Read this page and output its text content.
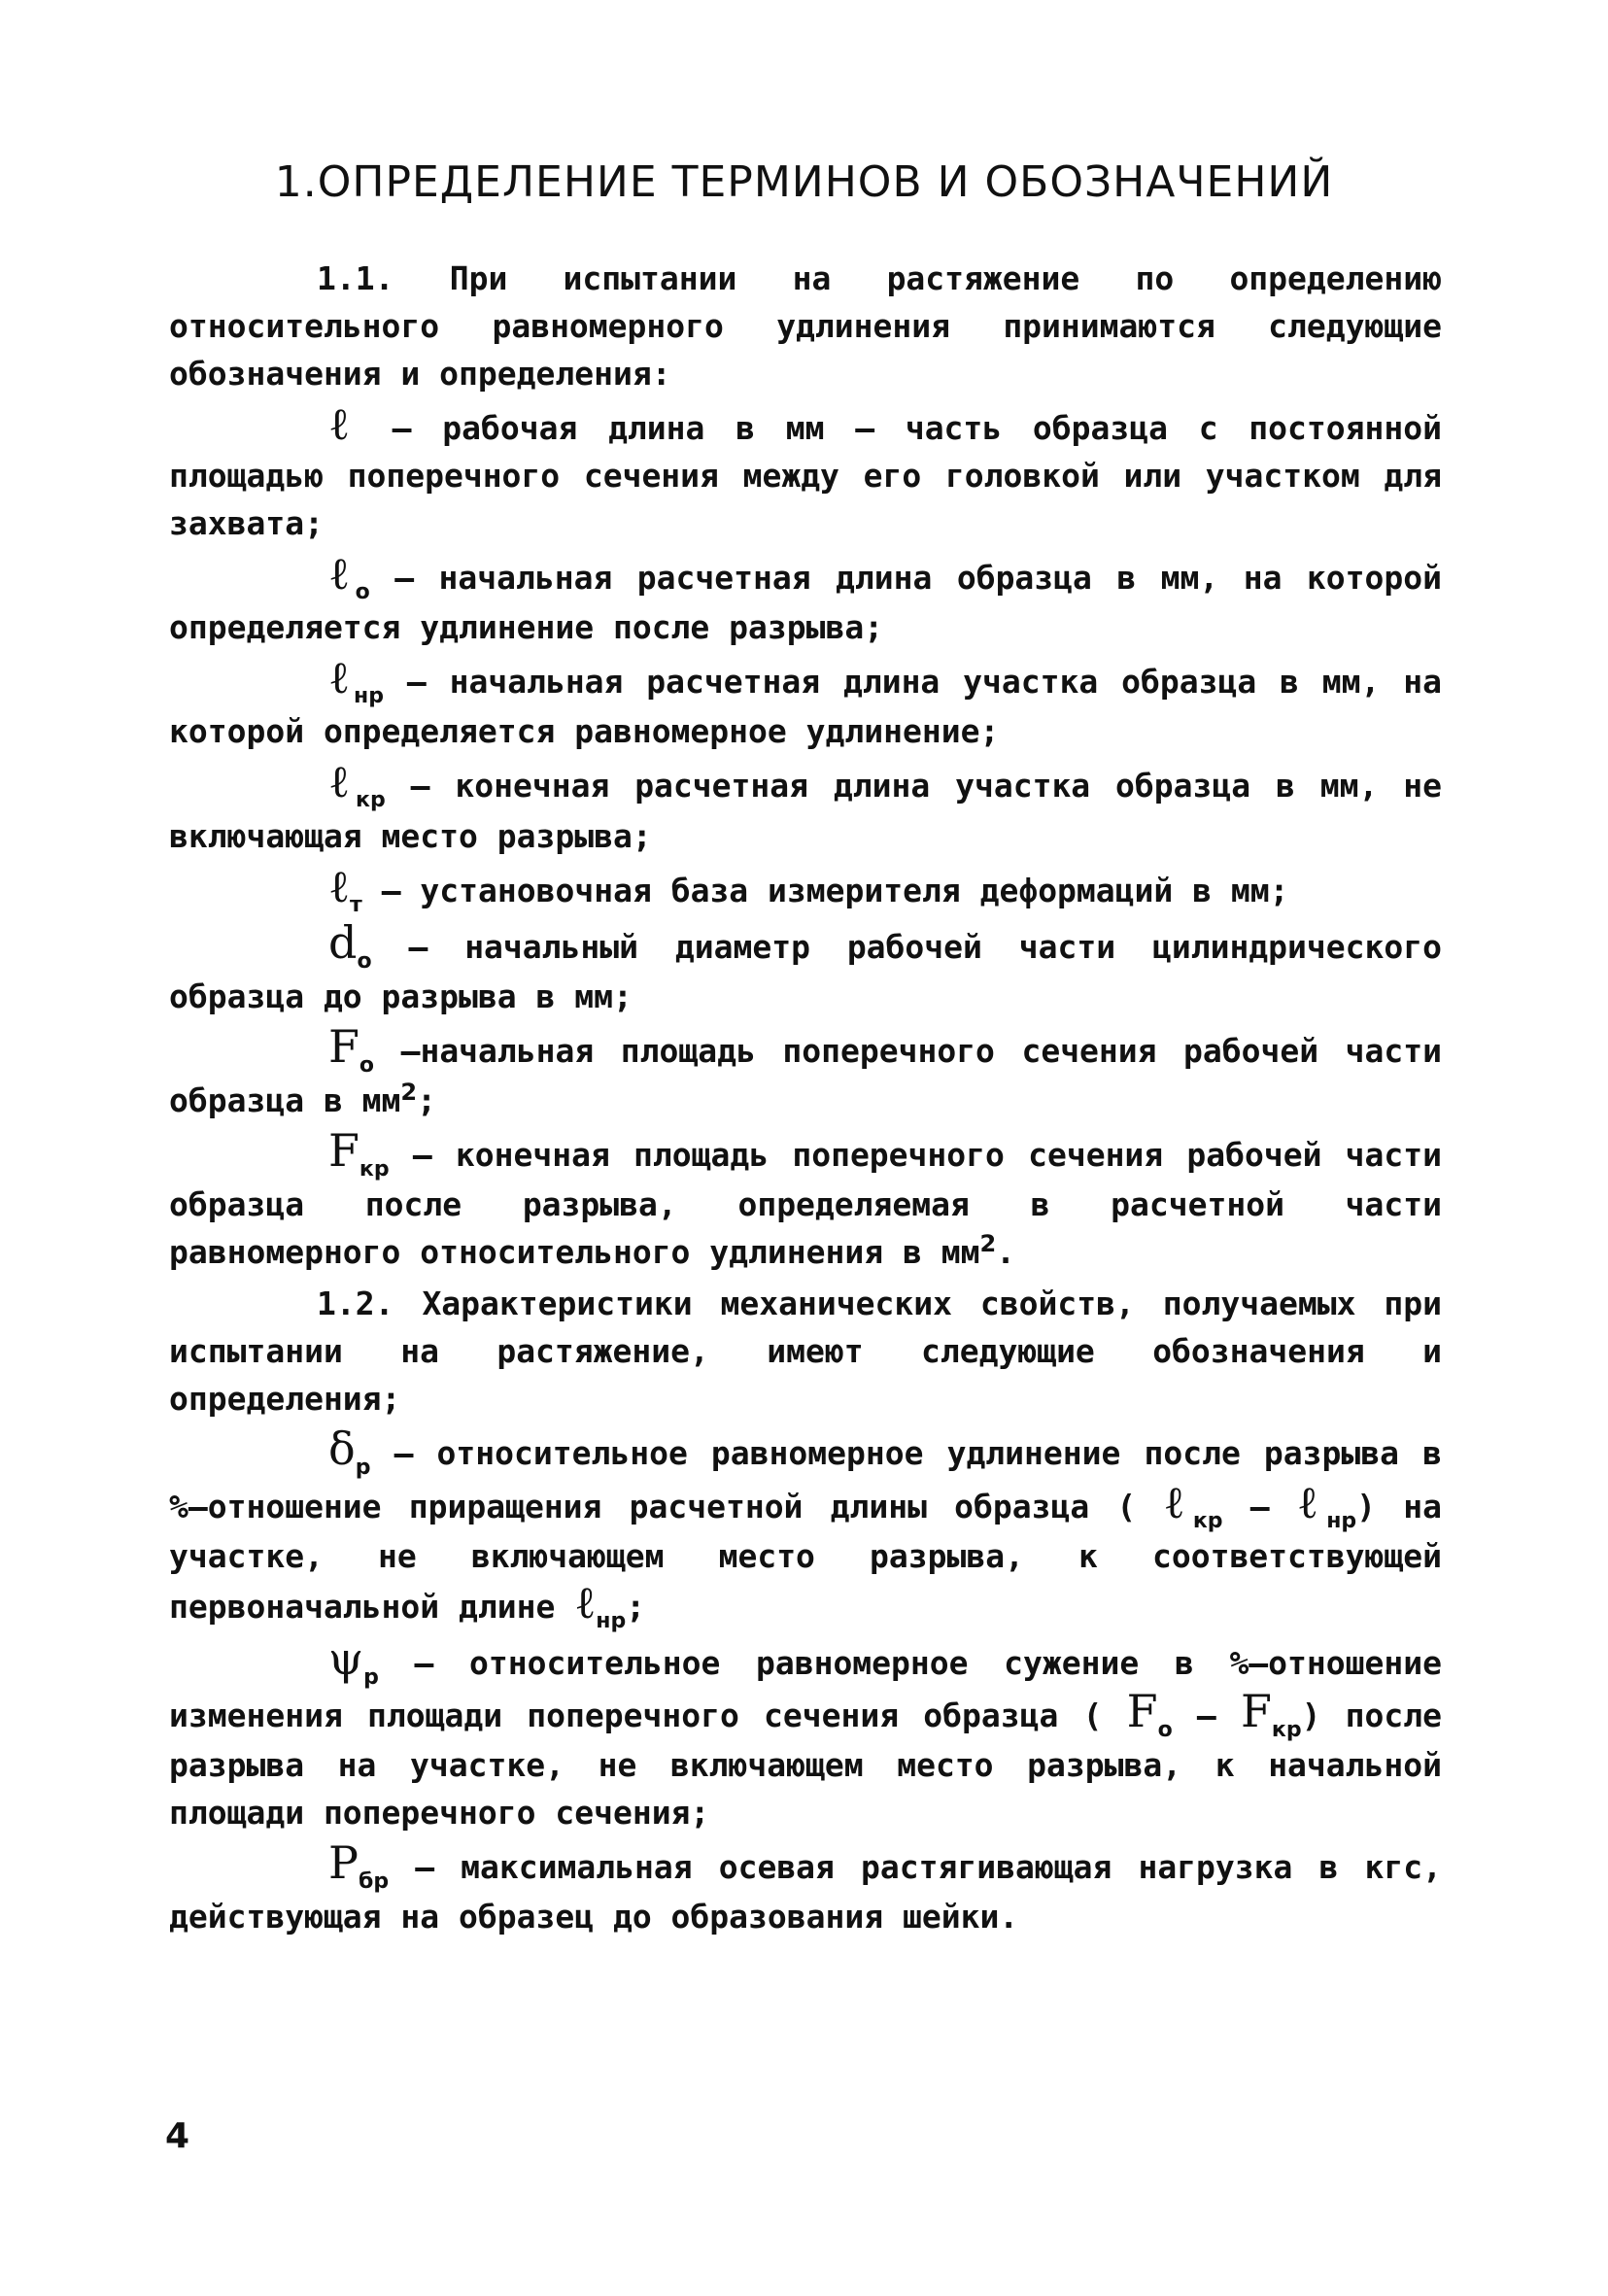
1.ОПРЕДЕЛЕНИЕ ТЕРМИНОВ И ОБОЗНАЧЕНИЙ

1.1. При испытании на растяжение по определению относительного равномерного удлинения принимаются следующие обозначения и определения:

ℓ – рабочая длина в мм – часть образца с постоянной площадью поперечного сечения между его головкой или участком для захвата;

ℓ$_о$ – начальная расчетная длина образца в мм, на которой определяется удлинение после разрыва;

ℓ$_{нр}$ – начальная расчетная длина участка образца в мм, на которой определяется равномерное удлинение;

ℓ$_{кр}$ – конечная расчетная длина участка образца в мм, не включающая место разрыва;

ℓ$_т$ – установочная база измерителя деформаций в мм;

$d_о$ – начальный диаметр рабочей части цилиндрического образца до разрыва в мм;

$F_о$ –начальная площадь поперечного сечения рабочей части образца в $мм^2$;

$F_{кр}$ – конечная площадь поперечного сечения рабочей части образца после разрыва, определяемая в расчетной части равномерного относительного удлинения в $мм^2$.

1.2. Характеристики механических свойств, получаемых при испытании на растяжение, имеют следующие обозначения и определения;

$\delta_р$ – относительное равномерное удлинение после разрыва в %–отношение приращения расчетной длины образца ( ℓ$_{кр}$ – ℓ$_{нр}$) на участке, не включающем место разрыва, к соответствующей первоначальной длине ℓ$_{нр}$;

$\psi_р$ – относительное равномерное сужение в %–отношение изменения площади поперечного сечения образца ( $F_о - F_{кр}$) после разрыва на участке, не включающем место разрыва, к начальной площади поперечного сечения;

$P_{бр}$ – максимальная осевая растягивающая нагрузка в кгс, действующая на образец до образования шейки.

4
